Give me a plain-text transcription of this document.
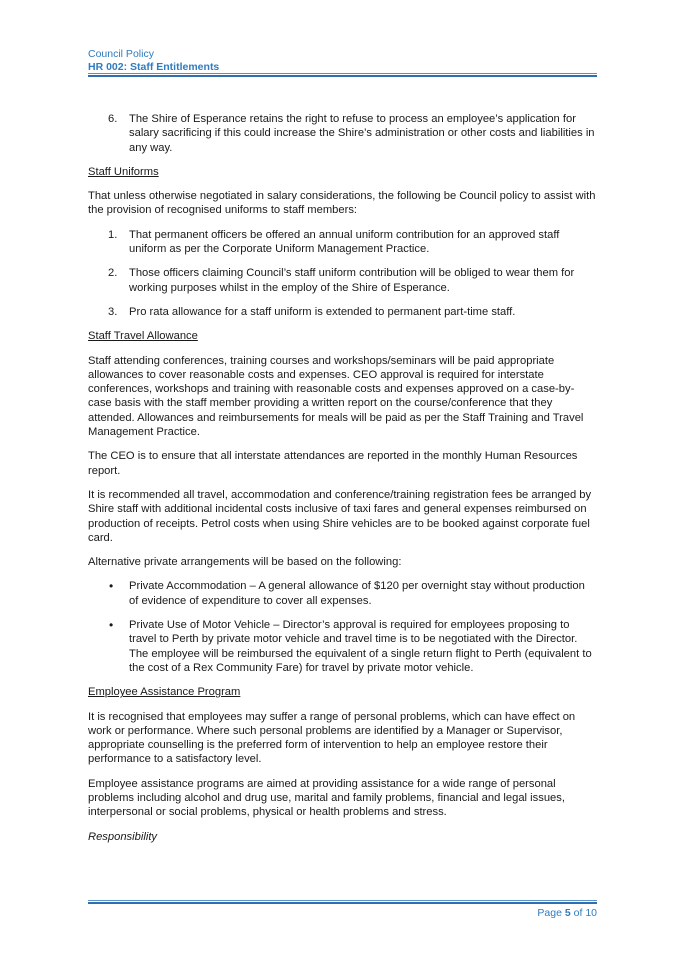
Council Policy
HR 002: Staff Entitlements
6. The Shire of Esperance retains the right to refuse to process an employee’s application for salary sacrificing if this could increase the Shire’s administration or other costs and liabilities in any way.

Staff Uniforms

That unless otherwise negotiated in salary considerations, the following be Council policy to assist with the provision of recognised uniforms to staff members:

1. That permanent officers be offered an annual uniform contribution for an approved staff uniform as per the Corporate Uniform Management Practice.
2. Those officers claiming Council’s staff uniform contribution will be obliged to wear them for working purposes whilst in the employ of the Shire of Esperance.
3. Pro rata allowance for a staff uniform is extended to permanent part-time staff.

Staff Travel Allowance

Staff attending conferences, training courses and workshops/seminars will be paid appropriate allowances to cover reasonable costs and expenses. CEO approval is required for interstate conferences, workshops and training with reasonable costs and expenses approved on a case-by-case basis with the staff member providing a written report on the course/conference that they attended. Allowances and reimbursements for meals will be paid as per the Staff Training and Travel Management Practice.

The CEO is to ensure that all interstate attendances are reported in the monthly Human Resources report.

It is recommended all travel, accommodation and conference/training registration fees be arranged by Shire staff with additional incidental costs inclusive of taxi fares and general expenses reimbursed on production of receipts. Petrol costs when using Shire vehicles are to be booked against corporate fuel card.

Alternative private arrangements will be based on the following:

• Private Accommodation – A general allowance of $120 per overnight stay without production of evidence of expenditure to cover all expenses.
• Private Use of Motor Vehicle – Director’s approval is required for employees proposing to travel to Perth by private motor vehicle and travel time is to be negotiated with the Director. The employee will be reimbursed the equivalent of a single return flight to Perth (equivalent to the cost of a Rex Community Fare) for travel by private motor vehicle.

Employee Assistance Program

It is recognised that employees may suffer a range of personal problems, which can have effect on work or performance. Where such personal problems are identified by a Manager or Supervisor, appropriate counselling is the preferred form of intervention to help an employee restore their performance to a satisfactory level.

Employee assistance programs are aimed at providing assistance for a wide range of personal problems including alcohol and drug use, marital and family problems, financial and legal issues, interpersonal or social problems, physical or health problems and stress.

Responsibility

Page 5 of 10
